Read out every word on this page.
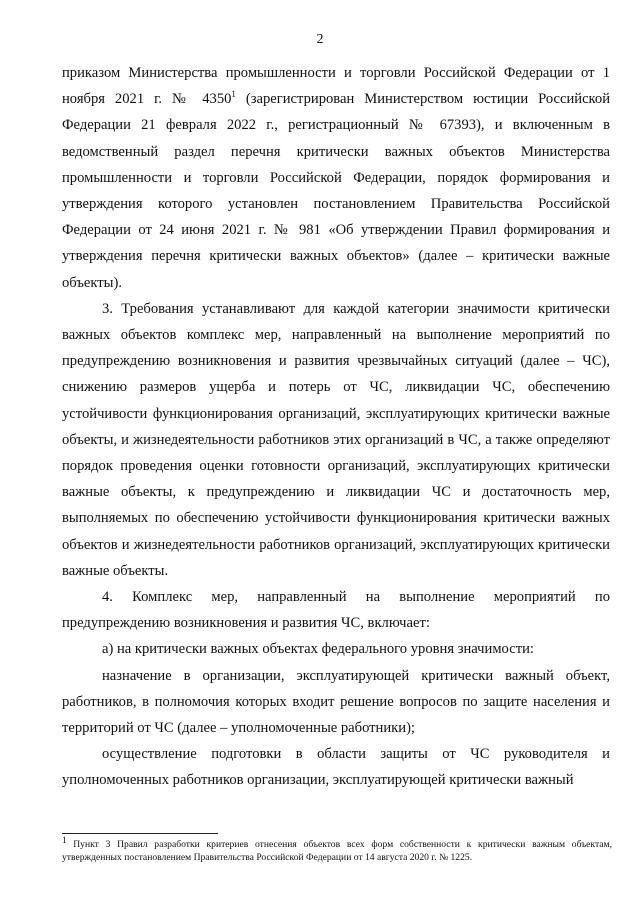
2

приказом Министерства промышленности и торговли Российской Федерации от 1 ноября 2021 г. № 4350$^1$ (зарегистрирован Министерством юстиции Российской Федерации 21 февраля 2022 г., регистрационный № 67393), и включенным в ведомственный раздел перечня критически важных объектов Министерства промышленности и торговли Российской Федерации, порядок формирования и утверждения которого установлен постановлением Правительства Российской Федерации от 24 июня 2021 г. № 981 «Об утверждении Правил формирования и утверждения перечня критически важных объектов» (далее – критически важные объекты).

3. Требования устанавливают для каждой категории значимости критически важных объектов комплекс мер, направленный на выполнение мероприятий по предупреждению возникновения и развития чрезвычайных ситуаций (далее – ЧС), снижению размеров ущерба и потерь от ЧС, ликвидации ЧС, обеспечению устойчивости функционирования организаций, эксплуатирующих критически важные объекты, и жизнедеятельности работников этих организаций в ЧС, а также определяют порядок проведения оценки готовности организаций, эксплуатирующих критически важные объекты, к предупреждению и ликвидации ЧС и достаточность мер, выполняемых по обеспечению устойчивости функционирования критически важных объектов и жизнедеятельности работников организаций, эксплуатирующих критически важные объекты.

4. Комплекс мер, направленный на выполнение мероприятий по предупреждению возникновения и развития ЧС, включает:

а) на критически важных объектах федерального уровня значимости:

назначение в организации, эксплуатирующей критически важный объект, работников, в полномочия которых входит решение вопросов по защите населения и территорий от ЧС (далее – уполномоченные работники);

осуществление подготовки в области защиты от ЧС руководителя и уполномоченных работников организации, эксплуатирующей критически важный

$^1$ Пункт 3 Правил разработки критериев отнесения объектов всех форм собственности к критически важным объектам, утвержденных постановлением Правительства Российской Федерации от 14 августа 2020 г. № 1225.
